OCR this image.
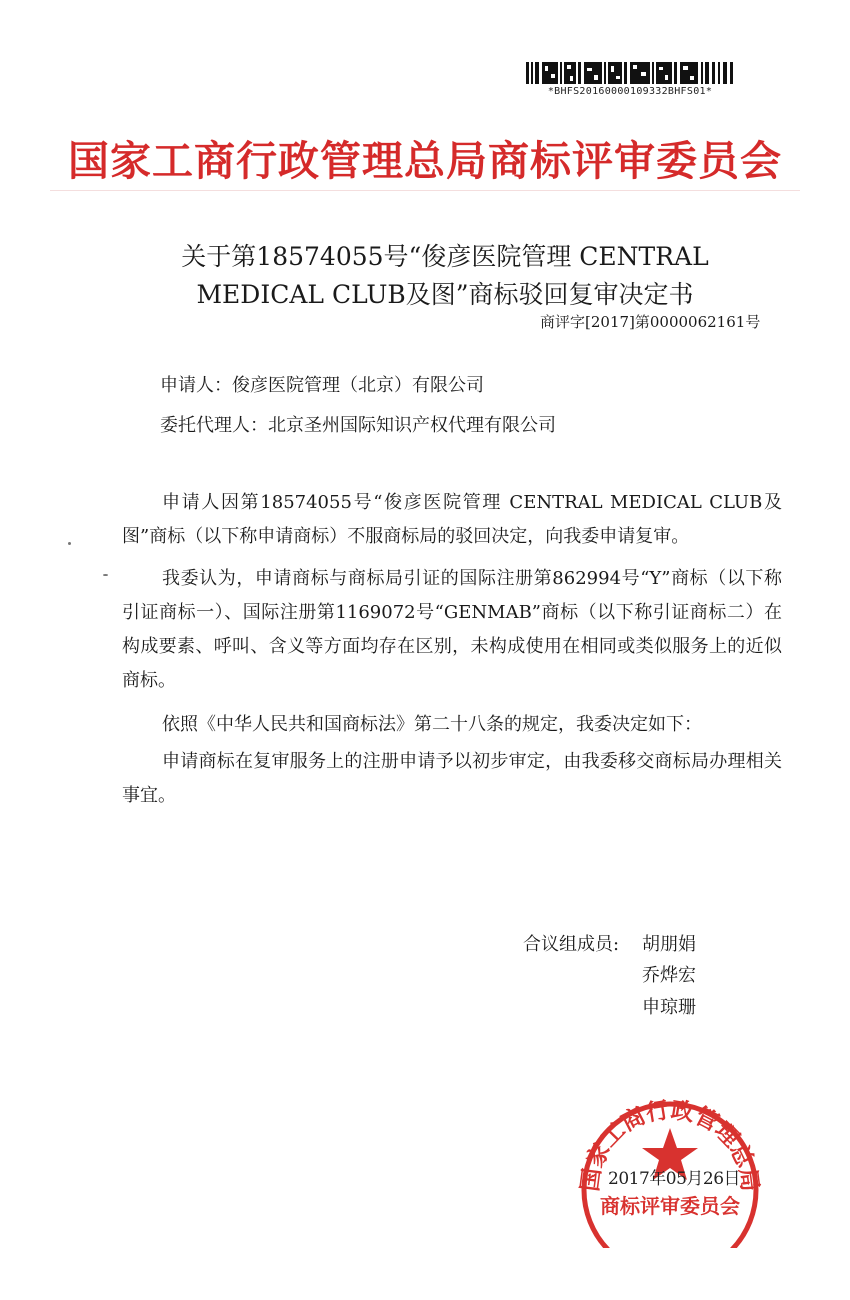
*BHFS20160000109332BHFS01*
国家工商行政管理总局商标评审委员会
关于第18574055号“俊彦医院管理 CENTRAL
MEDICAL CLUB及图”商标驳回复审决定书
商评字[2017]第0000062161号
申请人：俊彦医院管理（北京）有限公司
委托代理人：北京圣州国际知识产权代理有限公司
申请人因第18574055号“俊彦医院管理 CENTRAL MEDICAL CLUB及图”商标（以下称申请商标）不服商标局的驳回决定，向我委申请复审。
我委认为，申请商标与商标局引证的国际注册第862994号“Y”商标（以下称引证商标一）、国际注册第1169072号“GENMAB”商标（以下称引证商标二）在构成要素、呼叫、含义等方面均存在区别，未构成使用在相同或类似服务上的近似商标。
依照《中华人民共和国商标法》第二十八条的规定，我委决定如下：
申请商标在复审服务上的注册申请予以初步审定，由我委移交商标局办理相关事宜。
合议组成员: 胡朋娟
乔烨宏
申琼珊
国家工商行政管理总局
商标评审委员会
2017年05月26日
